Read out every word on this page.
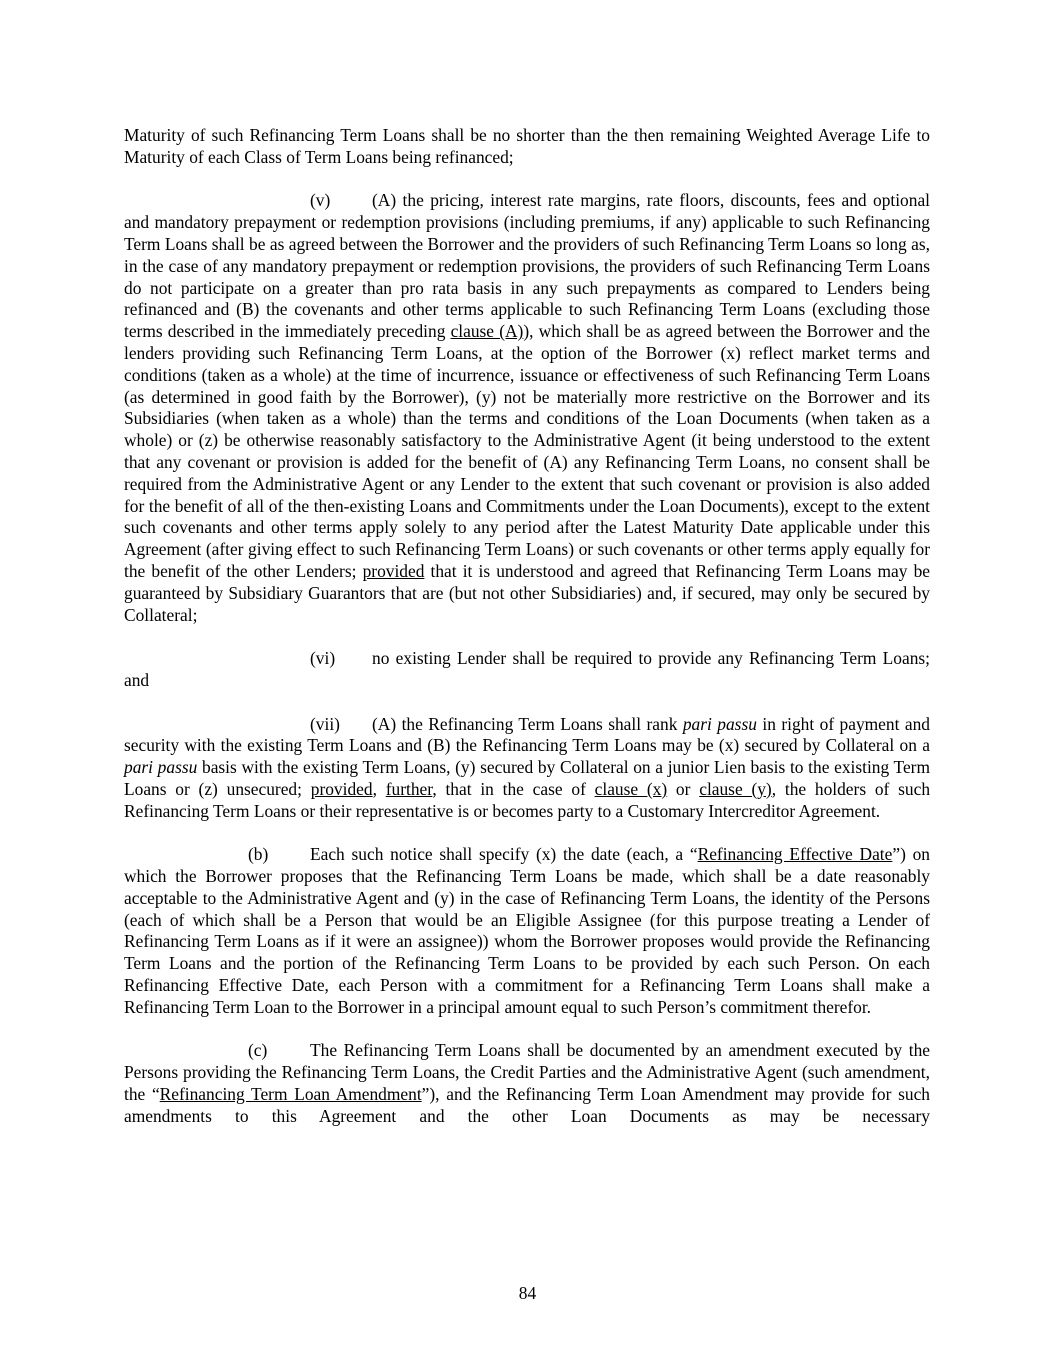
Maturity of such Refinancing Term Loans shall be no shorter than the then remaining Weighted Average Life to Maturity of each Class of Term Loans being refinanced;

(v) (A) the pricing, interest rate margins, rate floors, discounts, fees and optional and mandatory prepayment or redemption provisions (including premiums, if any) applicable to such Refinancing Term Loans shall be as agreed between the Borrower and the providers of such Refinancing Term Loans so long as, in the case of any mandatory prepayment or redemption provisions, the providers of such Refinancing Term Loans do not participate on a greater than pro rata basis in any such prepayments as compared to Lenders being refinanced and (B) the covenants and other terms applicable to such Refinancing Term Loans (excluding those terms described in the immediately preceding clause (A)), which shall be as agreed between the Borrower and the lenders providing such Refinancing Term Loans, at the option of the Borrower (x) reflect market terms and conditions (taken as a whole) at the time of incurrence, issuance or effectiveness of such Refinancing Term Loans (as determined in good faith by the Borrower), (y) not be materially more restrictive on the Borrower and its Subsidiaries (when taken as a whole) than the terms and conditions of the Loan Documents (when taken as a whole) or (z) be otherwise reasonably satisfactory to the Administrative Agent (it being understood to the extent that any covenant or provision is added for the benefit of (A) any Refinancing Term Loans, no consent shall be required from the Administrative Agent or any Lender to the extent that such covenant or provision is also added for the benefit of all of the then-existing Loans and Commitments under the Loan Documents), except to the extent such covenants and other terms apply solely to any period after the Latest Maturity Date applicable under this Agreement (after giving effect to such Refinancing Term Loans) or such covenants or other terms apply equally for the benefit of the other Lenders; provided that it is understood and agreed that Refinancing Term Loans may be guaranteed by Subsidiary Guarantors that are (but not other Subsidiaries) and, if secured, may only be secured by Collateral;

(vi) no existing Lender shall be required to provide any Refinancing Term Loans; and

(vii) (A) the Refinancing Term Loans shall rank pari passu in right of payment and security with the existing Term Loans and (B) the Refinancing Term Loans may be (x) secured by Collateral on a pari passu basis with the existing Term Loans, (y) secured by Collateral on a junior Lien basis to the existing Term Loans or (z) unsecured; provided, further, that in the case of clause (x) or clause (y), the holders of such Refinancing Term Loans or their representative is or becomes party to a Customary Intercreditor Agreement.

(b) Each such notice shall specify (x) the date (each, a “Refinancing Effective Date”) on which the Borrower proposes that the Refinancing Term Loans be made, which shall be a date reasonably acceptable to the Administrative Agent and (y) in the case of Refinancing Term Loans, the identity of the Persons (each of which shall be a Person that would be an Eligible Assignee (for this purpose treating a Lender of Refinancing Term Loans as if it were an assignee)) whom the Borrower proposes would provide the Refinancing Term Loans and the portion of the Refinancing Term Loans to be provided by each such Person. On each Refinancing Effective Date, each Person with a commitment for a Refinancing Term Loans shall make a Refinancing Term Loan to the Borrower in a principal amount equal to such Person’s commitment therefor.

(c) The Refinancing Term Loans shall be documented by an amendment executed by the Persons providing the Refinancing Term Loans, the Credit Parties and the Administrative Agent (such amendment, the “Refinancing Term Loan Amendment”), and the Refinancing Term Loan Amendment may provide for such amendments to this Agreement and the other Loan Documents as may be necessary

84
